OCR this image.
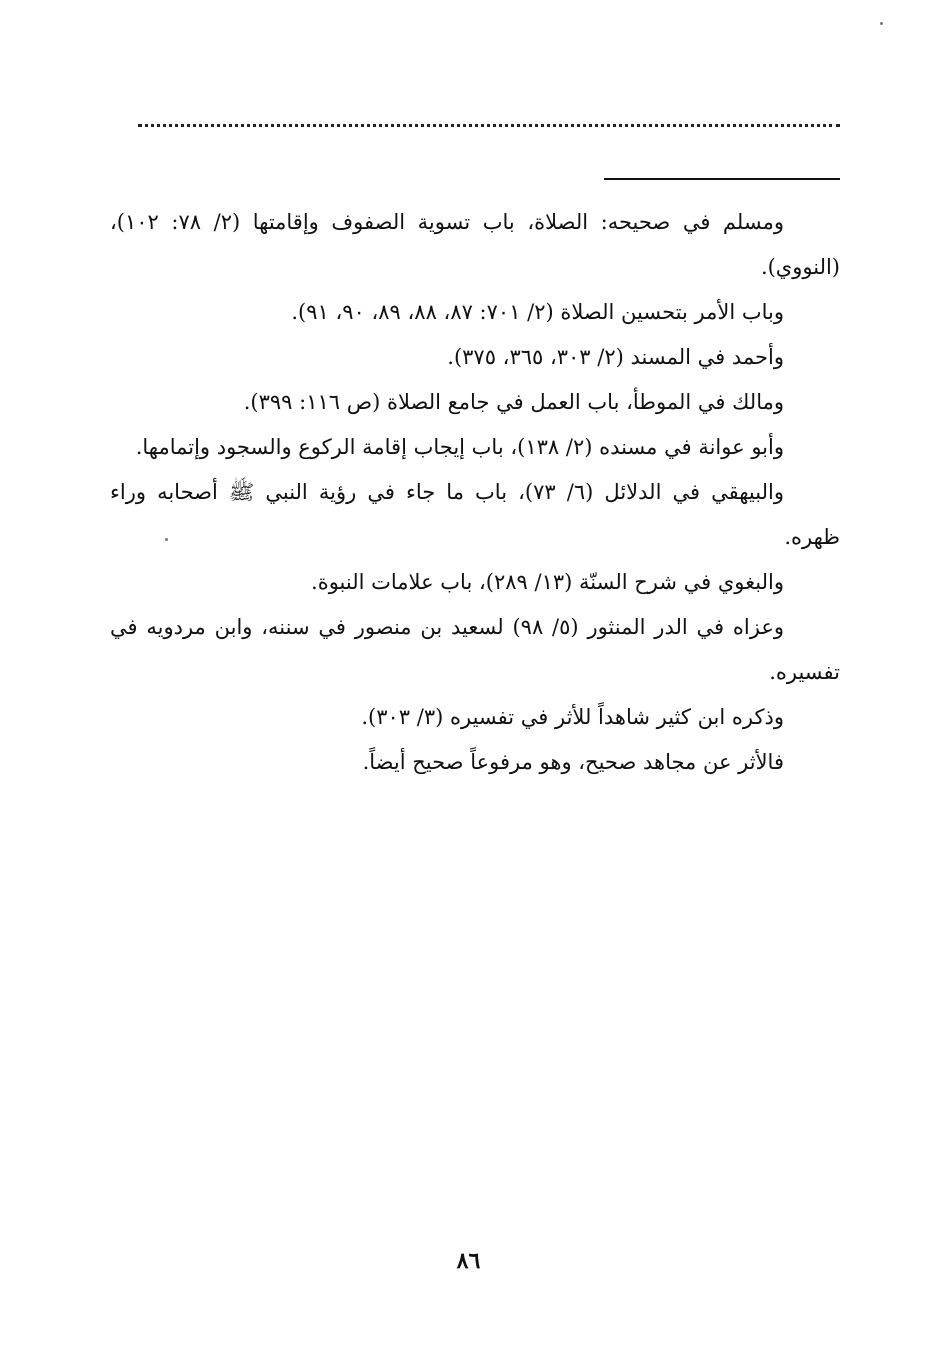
ومسلم في صحيحه: الصلاة، باب تسوية الصفوف وإقامتها (٢/ ٧٨: ١٠٢)، (النووي).

وباب الأمر بتحسين الصلاة (٢/ ٧٠١: ٨٧، ٨٨، ٨٩، ٩٠، ٩١).

وأحمد في المسند (٢/ ٣٠٣، ٣٦٥، ٣٧٥).

ومالك في الموطأ، باب العمل في جامع الصلاة (ص ١١٦: ٣٩٩).

وأبو عوانة في مسنده (٢/ ١٣٨)، باب إيجاب إقامة الركوع والسجود وإتمامها.

والبيهقي في الدلائل (٦/ ٧٣)، باب ما جاء في رؤية النبي ﷺ أصحابه وراء ظهره.

والبغوي في شرح السنّة (١٣/ ٢٨٩)، باب علامات النبوة.

وعزاه في الدر المنثور (٥/ ٩٨) لسعيد بن منصور في سننه، وابن مردويه في تفسيره.

وذكره ابن كثير شاهداً للأثر في تفسيره (٣/ ٣٠٣).

فالأثر عن مجاهد صحيح، وهو مرفوعاً صحيح أيضاً.

٨٦
